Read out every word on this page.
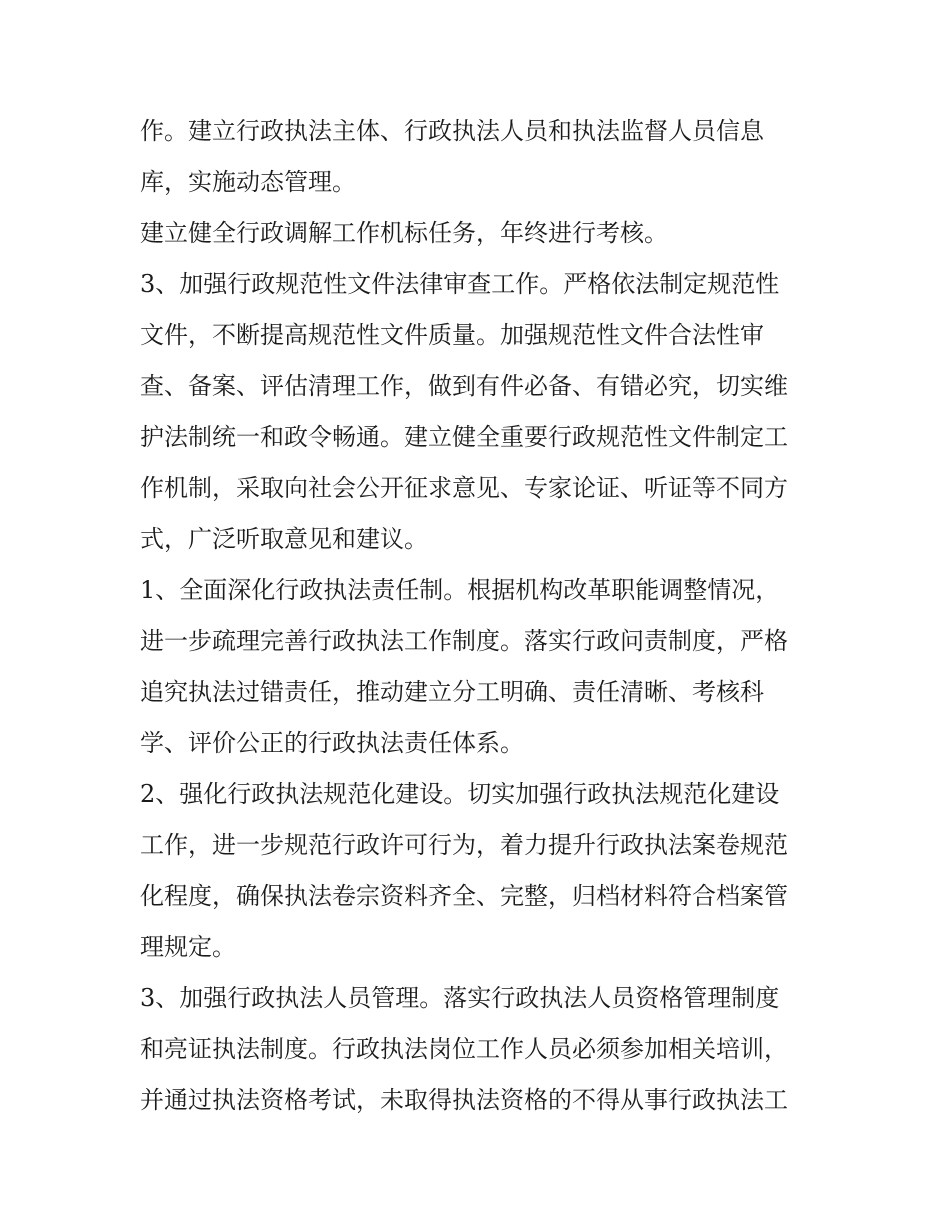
作。建立行政执法主体、行政执法人员和执法监督人员信息
库，实施动态管理。

建立健全行政调解工作机标任务，年终进行考核。

3、加强行政规范性文件法律审查工作。严格依法制定规范性
文件，不断提高规范性文件质量。加强规范性文件合法性审
查、备案、评估清理工作，做到有件必备、有错必究，切实维
护法制统一和政令畅通。建立健全重要行政规范性文件制定工
作机制，采取向社会公开征求意见、专家论证、听证等不同方
式，广泛听取意见和建议。

1、全面深化行政执法责任制。根据机构改革职能调整情况，
进一步疏理完善行政执法工作制度。落实行政问责制度，严格
追究执法过错责任，推动建立分工明确、责任清晰、考核科
学、评价公正的行政执法责任体系。

2、强化行政执法规范化建设。切实加强行政执法规范化建设
工作，进一步规范行政许可行为，着力提升行政执法案卷规范
化程度，确保执法卷宗资料齐全、完整，归档材料符合档案管
理规定。

3、加强行政执法人员管理。落实行政执法人员资格管理制度
和亮证执法制度。行政执法岗位工作人员必须参加相关培训，
并通过执法资格考试，未取得执法资格的不得从事行政执法工
